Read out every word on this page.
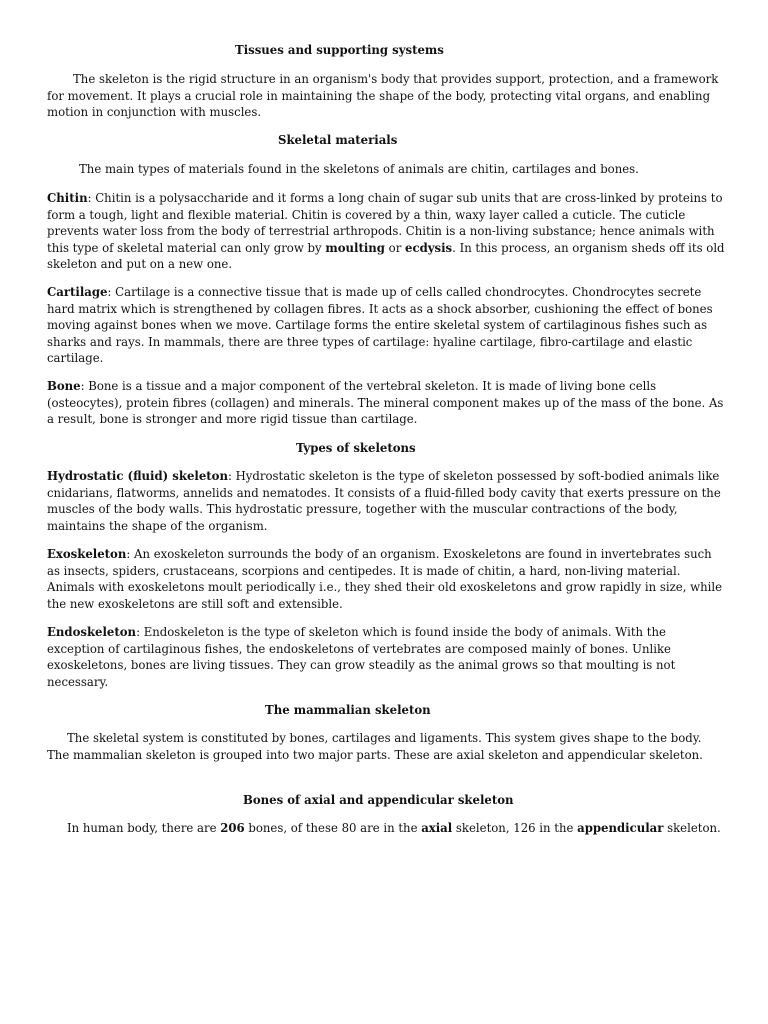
Tissues and supporting systems

The skeleton is the rigid structure in an organism's body that provides support, protection, and a framework for movement. It plays a crucial role in maintaining the shape of the body, protecting vital organs, and enabling motion in conjunction with muscles.

Skeletal materials

The main types of materials found in the skeletons of animals are chitin, cartilages and bones.

Chitin: Chitin is a polysaccharide and it forms a long chain of sugar sub units that are cross-linked by proteins to form a tough, light and flexible material. Chitin is covered by a thin, waxy layer called a cuticle. The cuticle prevents water loss from the body of terrestrial arthropods. Chitin is a non-living substance; hence animals with this type of skeletal material can only grow by moulting or ecdysis. In this process, an organism sheds off its old skeleton and put on a new one.

Cartilage: Cartilage is a connective tissue that is made up of cells called chondrocytes. Chondrocytes secrete hard matrix which is strengthened by collagen fibres. It acts as a shock absorber, cushioning the effect of bones moving against bones when we move. Cartilage forms the entire skeletal system of cartilaginous fishes such as sharks and rays. In mammals, there are three types of cartilage: hyaline cartilage, fibro-cartilage and elastic cartilage.

Bone: Bone is a tissue and a major component of the vertebral skeleton. It is made of living bone cells (osteocytes), protein fibres (collagen) and minerals. The mineral component makes up of the mass of the bone. As a result, bone is stronger and more rigid tissue than cartilage.

Types of skeletons

Hydrostatic (fluid) skeleton: Hydrostatic skeleton is the type of skeleton possessed by soft-bodied animals like cnidarians, flatworms, annelids and nematodes. It consists of a fluid-filled body cavity that exerts pressure on the muscles of the body walls. This hydrostatic pressure, together with the muscular contractions of the body, maintains the shape of the organism.

Exoskeleton: An exoskeleton surrounds the body of an organism. Exoskeletons are found in invertebrates such as insects, spiders, crustaceans, scorpions and centipedes. It is made of chitin, a hard, non-living material. Animals with exoskeletons moult periodically i.e., they shed their old exoskeletons and grow rapidly in size, while the new exoskeletons are still soft and extensible.

Endoskeleton: Endoskeleton is the type of skeleton which is found inside the body of animals. With the exception of cartilaginous fishes, the endoskeletons of vertebrates are composed mainly of bones. Unlike exoskeletons, bones are living tissues. They can grow steadily as the animal grows so that moulting is not necessary.

The mammalian skeleton

The skeletal system is constituted by bones, cartilages and ligaments. This system gives shape to the body. The mammalian skeleton is grouped into two major parts. These are axial skeleton and appendicular skeleton.

Bones of axial and appendicular skeleton

In human body, there are 206 bones, of these 80 are in the axial skeleton, 126 in the appendicular skeleton.
